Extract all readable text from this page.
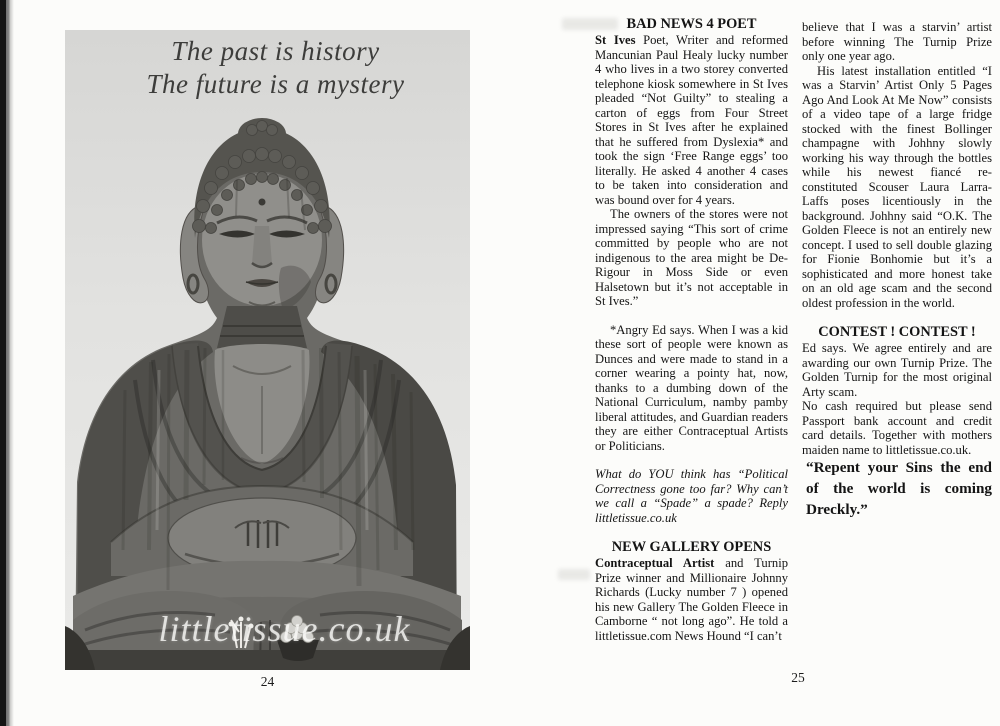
The past is history
The future is a mystery
littletissue.co.uk
24
BAD NEWS 4 POET

St Ives Poet, Writer and reformed Mancunian Paul Healy lucky number 4 who lives in a two storey converted telephone kiosk somewhere in St Ives pleaded “Not Guilty” to stealing a carton of eggs from Four Street Stores in St Ives after he explained that he suffered from Dyslexia* and took the sign ‘Free Range eggs’ too literally. He asked 4 another 4 cases to be taken into consideration and was bound over for 4 years.

The owners of the stores were not impressed saying “This sort of crime committed by people who are not indigenous to the area might be De-Rigour in Moss Side or even Halsetown but it’s not acceptable in St Ives.”

*Angry Ed says. When I was a kid these sort of people were known as Dunces and were made to stand in a corner wearing a pointy hat, now, thanks to a dumbing down of the National Curriculum, namby pamby liberal attitudes, and Guardian readers they are either Contraceptual Artists or Politicians.

What do YOU think has “Political Correctness gone too far? Why can’t we call a “Spade” a spade? Reply littletissue.co.uk

NEW GALLERY OPENS

Contraceptual Artist and Turnip Prize winner and Millionaire Johnny Richards (Lucky number 7 ) opened his new Gallery The Golden Fleece in Camborne “ not long ago”. He told a littletissue.com News Hound “I can’t

believe that I was a starvin’ artist before winning The Turnip Prize only one year ago.

His latest installation entitled “I was a Starvin’ Artist Only 5 Pages Ago And Look At Me Now” consists of a video tape of a large fridge stocked with the finest Bollinger champagne with Johhny slowly working his way through the bottles while his newest fiancé re-constituted Scouser Laura Larra- Laffs poses licentiously in the background. Johhny said “O.K. The Golden Fleece is not an entirely new concept. I used to sell double glazing for Fionie Bonhomie but it’s a sophisticated and more honest take on an old age scam and the second oldest profession in the world.

CONTEST ! CONTEST !

Ed says. We agree entirely and are awarding our own Turnip Prize. The Golden Turnip for the most original Arty scam.

No cash required but please send Passport bank account and credit card details. Together with mothers maiden name to littletissue.co.uk.

“Repent your Sins the end of the world is coming Dreckly.”

25
